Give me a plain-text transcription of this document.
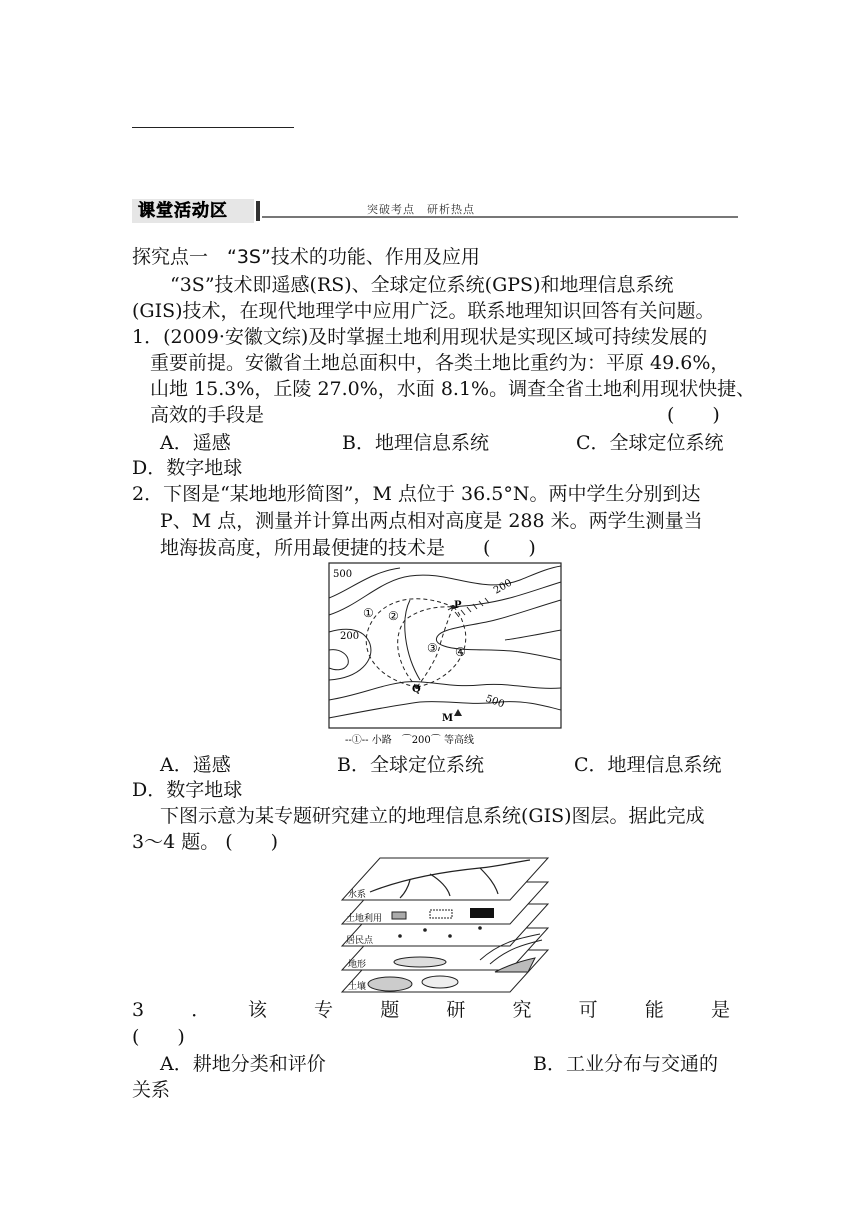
课堂活动区	突破考点　研析热点
探究点一　“3S”技术的功能、作用及应用
“3S”技术即遥感(RS)、全球定位系统(GPS)和地理信息系统
(GIS)技术，在现代地理学中应用广泛。联系地理知识回答有关问题。
1．(2009·安徽文综)及时掌握土地利用现状是实现区域可持续发展的
重要前提。安徽省土地总面积中，各类土地比重约为：平原 49.6%，
山地 15.3%，丘陵 27.0%，水面 8.1%。调查全省土地利用现状快捷、
高效的手段是	(　　)
A．遥感	B．地理信息系统	C．全球定位系统
D．数字地球
2．下图是“某地地形简图”，M 点位于 36.5°N。两中学生分别到达
P、M 点，测量并计算出两点相对高度是 288 米。两学生测量当
地海拔高度，所用最便捷的技术是　　(　　)
500
500
200
200
P
Q
M
① ②
③ ④
--①-- 小路　⌒200⌒ 等高线
A．遥感	B．全球定位系统	C．地理信息系统
D．数字地球
下图示意为某专题研究建立的地理信息系统(GIS)图层。据此完成
3～4 题。 (　　)
水系
土地利用
居民点
地形
土壤
3　．　该　专　题　研　究　可　能　是
(　　)
A．耕地分类和评价	B．工业分布与交通的
关系
